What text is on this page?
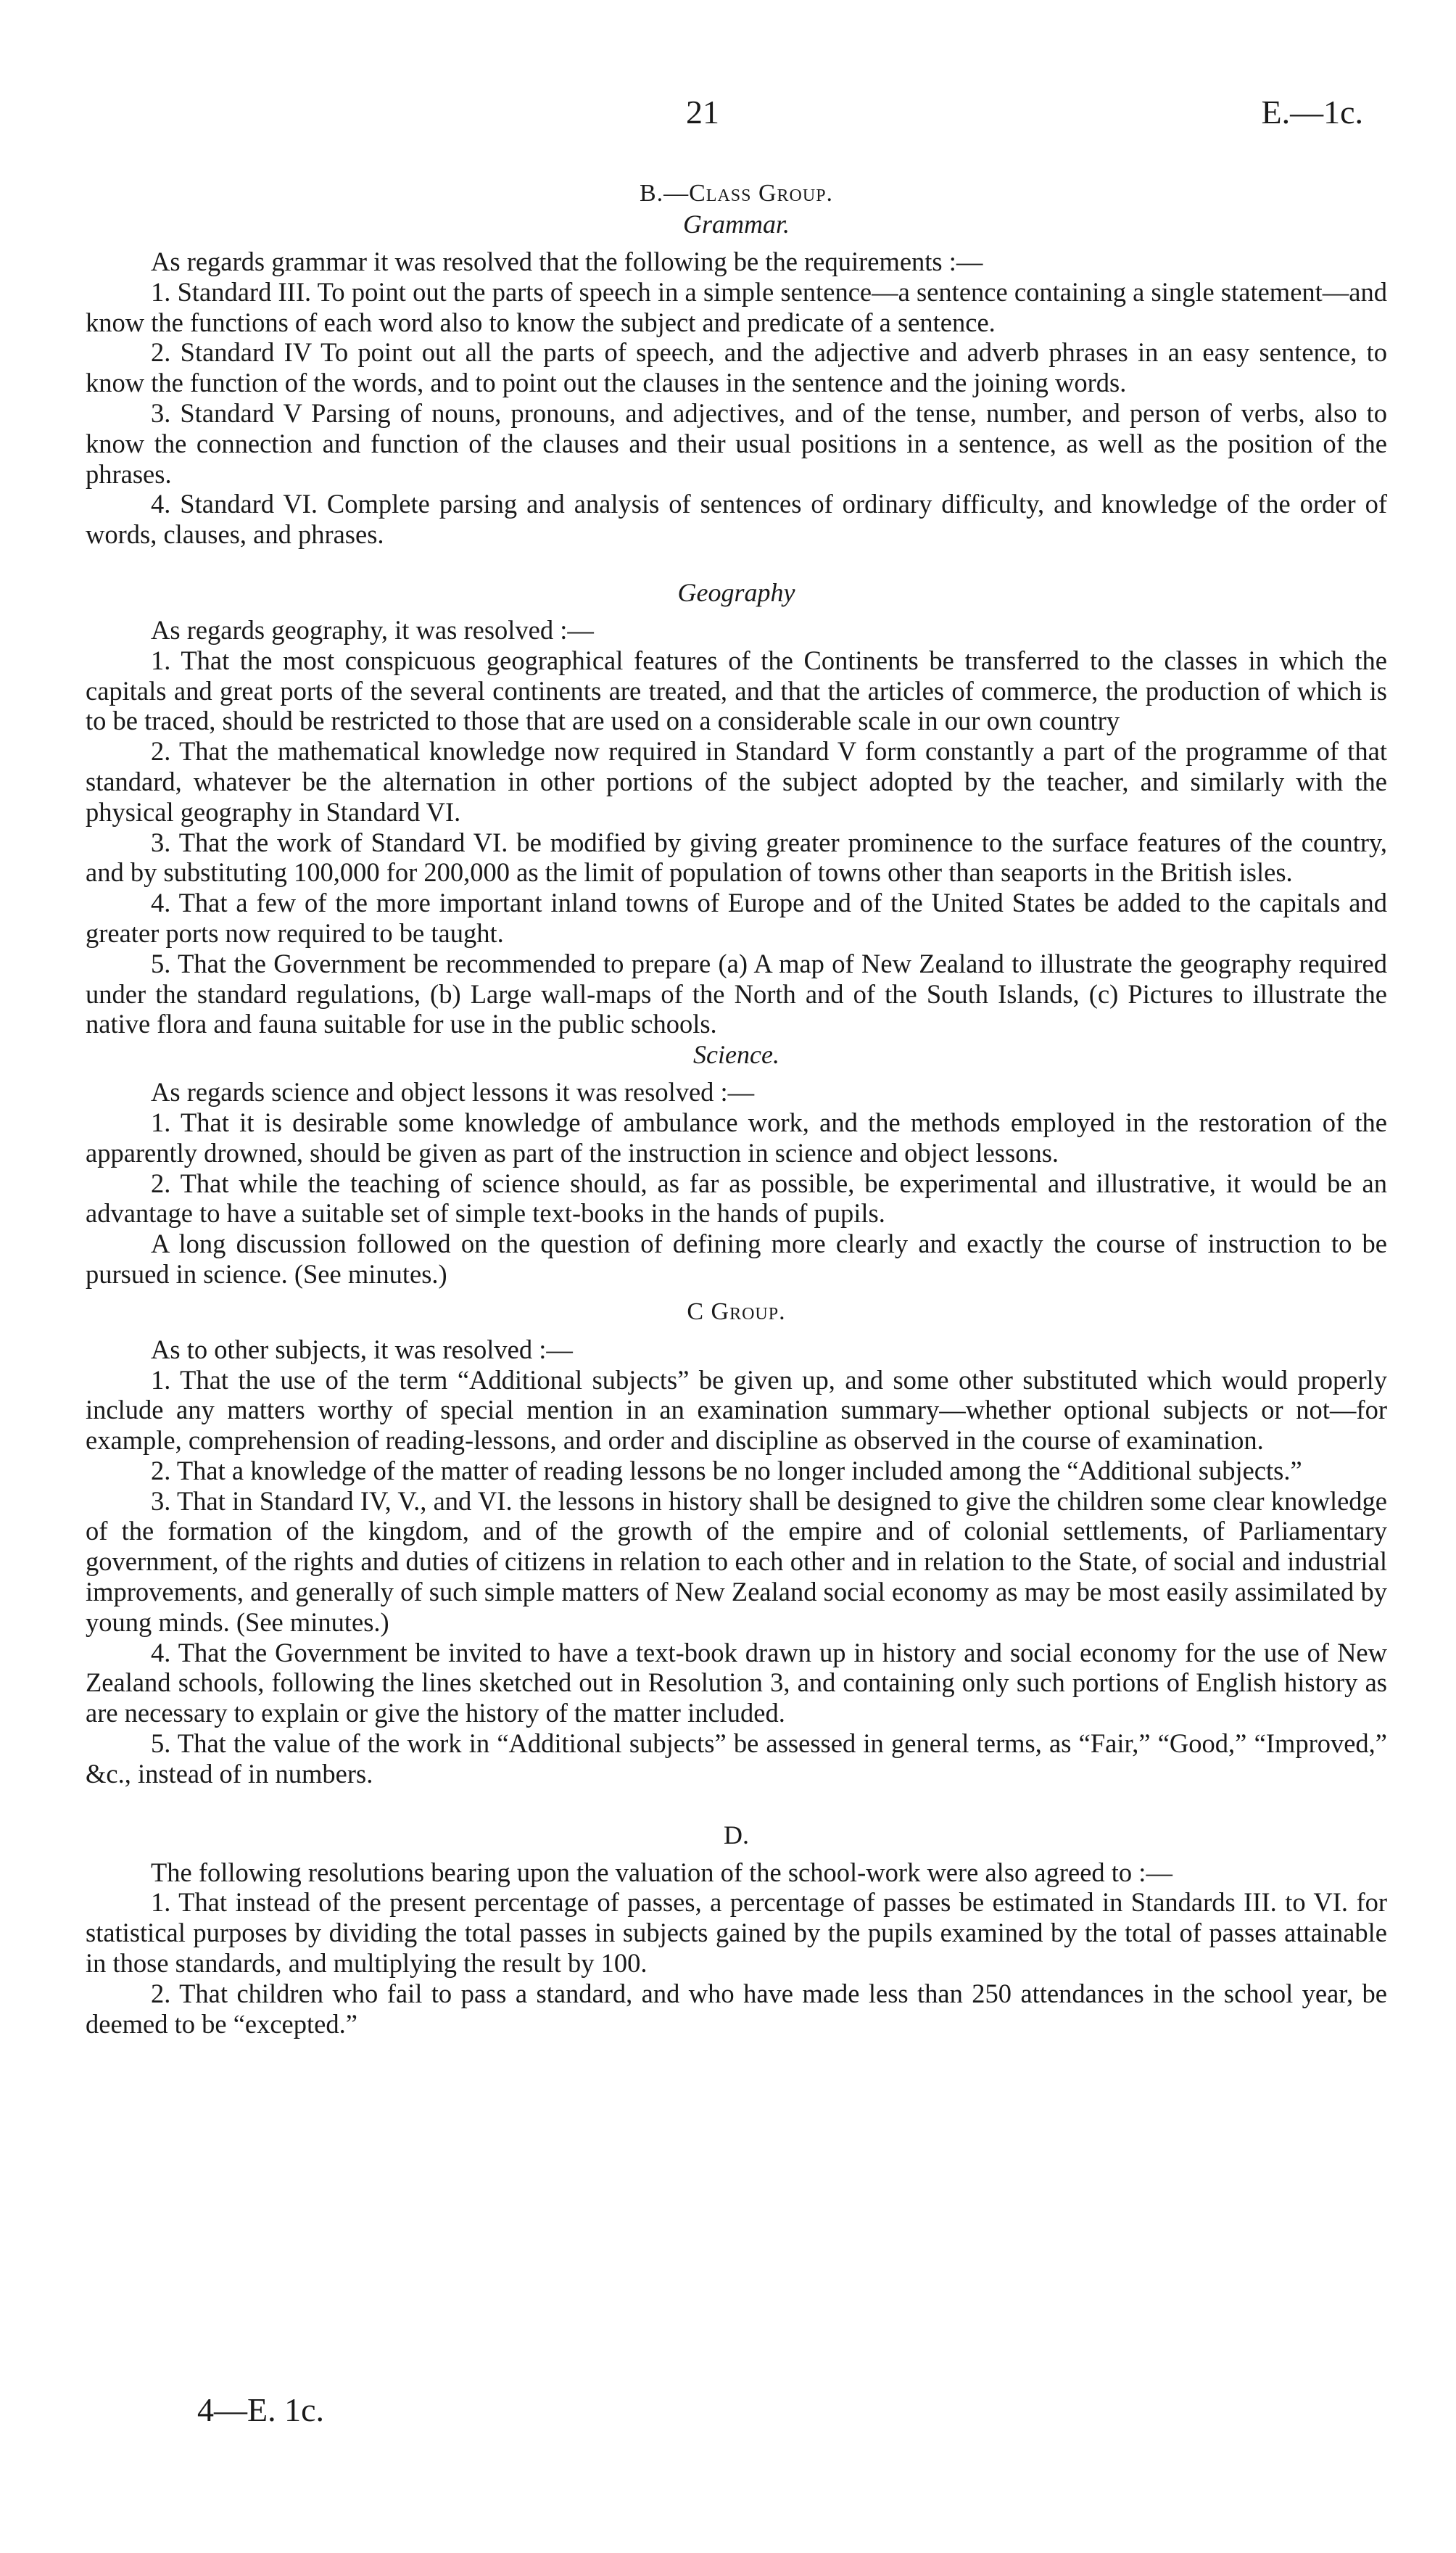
21	E.—1c.
B.—Class Group.
Grammar.

As regards grammar it was resolved that the following be the requirements :—

1. Standard III. To point out the parts of speech in a simple sentence—a sentence containing a single statement—and know the functions of each word also to know the subject and predicate of a sentence.

2. Standard IV To point out all the parts of speech, and the adjective and adverb phrases in an easy sentence, to know the function of the words, and to point out the clauses in the sentence and the joining words.

3. Standard V Parsing of nouns, pronouns, and adjectives, and of the tense, number, and person of verbs, also to know the connection and function of the clauses and their usual positions in a sentence, as well as the position of the phrases.

4. Standard VI. Complete parsing and analysis of sentences of ordinary difficulty, and knowledge of the order of words, clauses, and phrases.

Geography

As regards geography, it was resolved :—

1. That the most conspicuous geographical features of the Continents be transferred to the classes in which the capitals and great ports of the several continents are treated, and that the articles of commerce, the production of which is to be traced, should be restricted to those that are used on a considerable scale in our own country

2. That the mathematical knowledge now required in Standard V form constantly a part of the programme of that standard, whatever be the alternation in other portions of the subject adopted by the teacher, and similarly with the physical geography in Standard VI.

3. That the work of Standard VI. be modified by giving greater prominence to the surface features of the country, and by substituting 100,000 for 200,000 as the limit of population of towns other than seaports in the British isles.

4. That a few of the more important inland towns of Europe and of the United States be added to the capitals and greater ports now required to be taught.

5. That the Government be recommended to prepare (a) A map of New Zealand to illustrate the geography required under the standard regulations, (b) Large wall-maps of the North and of the South Islands, (c) Pictures to illustrate the native flora and fauna suitable for use in the public schools.

Science.

As regards science and object lessons it was resolved :—

1. That it is desirable some knowledge of ambulance work, and the methods employed in the restoration of the apparently drowned, should be given as part of the instruction in science and object lessons.

2. That while the teaching of science should, as far as possible, be experimental and illustrative, it would be an advantage to have a suitable set of simple text-books in the hands of pupils.

A long discussion followed on the question of defining more clearly and exactly the course of instruction to be pursued in science. (See minutes.)

C Group.

As to other subjects, it was resolved :—

1. That the use of the term “Additional subjects” be given up, and some other substituted which would properly include any matters worthy of special mention in an examination summary—whether optional subjects or not—for example, comprehension of reading-lessons, and order and discipline as observed in the course of examination.

2. That a knowledge of the matter of reading lessons be no longer included among the “Additional subjects.”

3. That in Standard IV, V., and VI. the lessons in history shall be designed to give the children some clear knowledge of the formation of the kingdom, and of the growth of the empire and of colonial settlements, of Parliamentary government, of the rights and duties of citizens in relation to each other and in relation to the State, of social and industrial improvements, and generally of such simple matters of New Zealand social economy as may be most easily assimilated by young minds. (See minutes.)

4. That the Government be invited to have a text-book drawn up in history and social economy for the use of New Zealand schools, following the lines sketched out in Resolution 3, and containing only such portions of English history as are necessary to explain or give the history of the matter included.

5. That the value of the work in “Additional subjects” be assessed in general terms, as “Fair,” “Good,” “Improved,” &c., instead of in numbers.

D.

The following resolutions bearing upon the valuation of the school-work were also agreed to :—

1. That instead of the present percentage of passes, a percentage of passes be estimated in Standards III. to VI. for statistical purposes by dividing the total passes in subjects gained by the pupils examined by the total of passes attainable in those standards, and multiplying the result by 100.

2. That children who fail to pass a standard, and who have made less than 250 attendances in the school year, be deemed to be “excepted.”

4—E. 1c.
